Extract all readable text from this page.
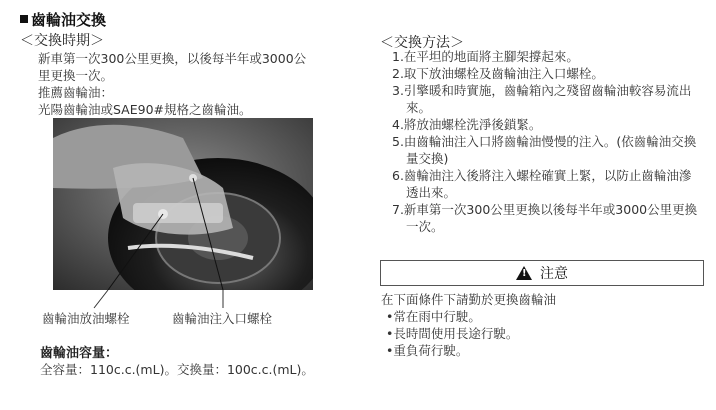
齒輪油交換
＜交換時期＞
新車第一次300公里更換，以後每半年或3000公
里更換一次。
推薦齒輪油：
光陽齒輪油或SAE90#規格之齒輪油。
齒輪油放油螺栓	齒輪油注入口螺栓
齒輪油容量：
全容量：110c.c.(mL)。交換量：100c.c.(mL)。
＜交換方法＞
1.在平坦的地面將主腳架撐起來。
2.取下放油螺栓及齒輪油注入口螺栓。
3.引擎暖和時實施，齒輪箱內之殘留齒輪油較容易流出來。
4.將放油螺栓洗淨後鎖緊。
5.由齒輪油注入口將齒輪油慢慢的注入。(依齒輪油交換量交換)
6.齒輪油注入後將注入螺栓確實上緊，以防止齒輪油滲透出來。
7.新車第一次300公里更換以後每半年或3000公里更換一次。
!
注意
在下面條件下請勤於更換齒輪油
•常在雨中行駛。
•長時間使用長途行駛。
•重負荷行駛。
